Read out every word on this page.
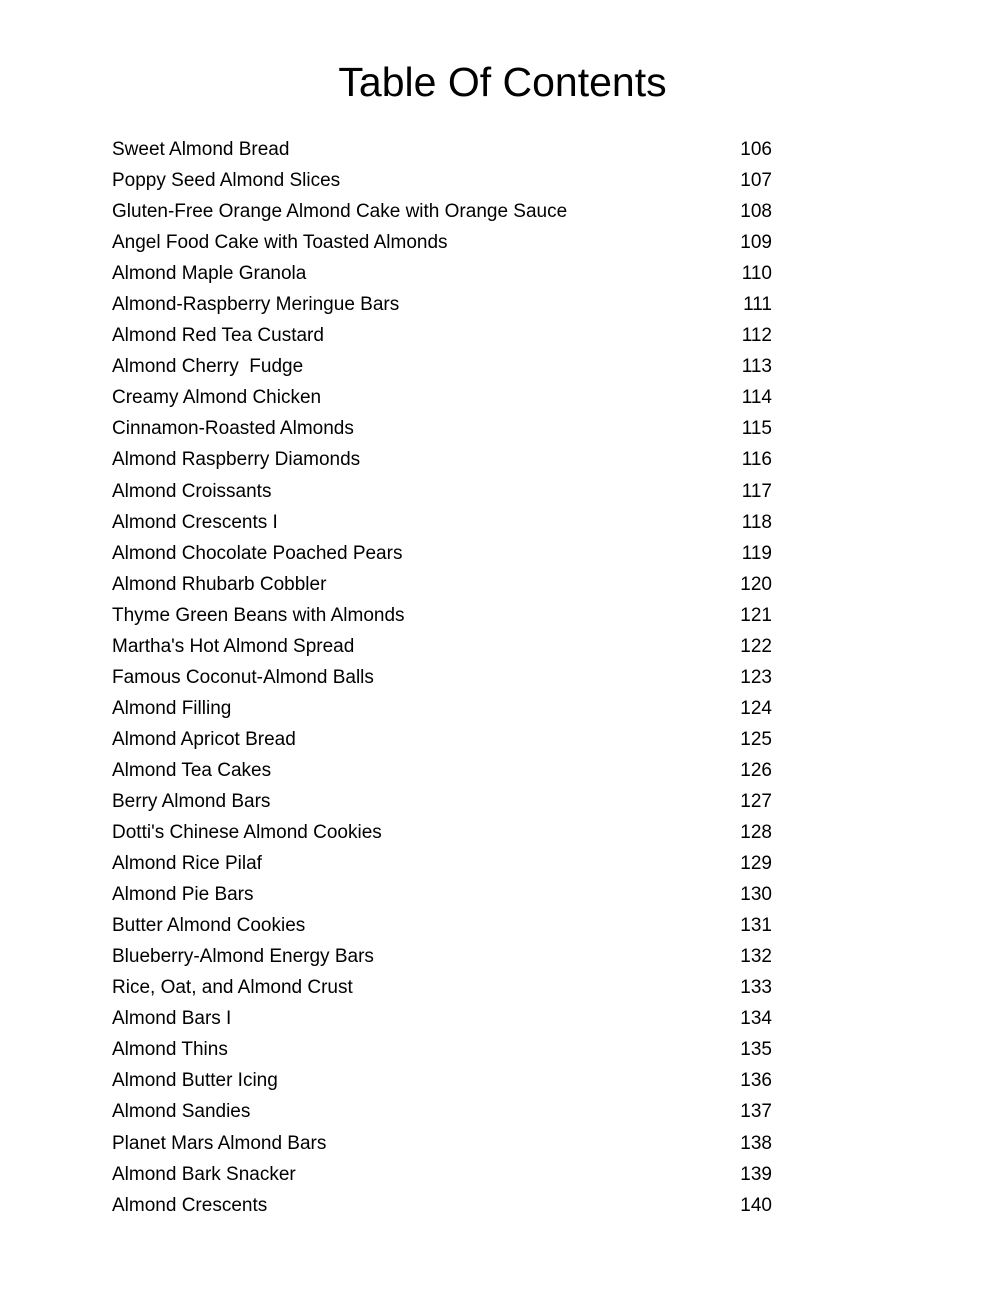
Table Of Contents
Sweet Almond Bread	106
Poppy Seed Almond Slices	107
Gluten-Free Orange Almond Cake with Orange Sauce	108
Angel Food Cake with Toasted Almonds	109
Almond Maple Granola	110
Almond-Raspberry Meringue Bars	111
Almond Red Tea Custard	112
Almond Cherry  Fudge	113
Creamy Almond Chicken	114
Cinnamon-Roasted Almonds	115
Almond Raspberry Diamonds	116
Almond Croissants	117
Almond Crescents I	118
Almond Chocolate Poached Pears	119
Almond Rhubarb Cobbler	120
Thyme Green Beans with Almonds	121
Martha's Hot Almond Spread	122
Famous Coconut-Almond Balls	123
Almond Filling	124
Almond Apricot Bread	125
Almond Tea Cakes	126
Berry Almond Bars	127
Dotti's Chinese Almond Cookies	128
Almond Rice Pilaf	129
Almond Pie Bars	130
Butter Almond Cookies	131
Blueberry-Almond Energy Bars	132
Rice, Oat, and Almond Crust	133
Almond Bars I	134
Almond Thins	135
Almond Butter Icing	136
Almond Sandies	137
Planet Mars Almond Bars	138
Almond Bark Snacker	139
Almond Crescents	140
